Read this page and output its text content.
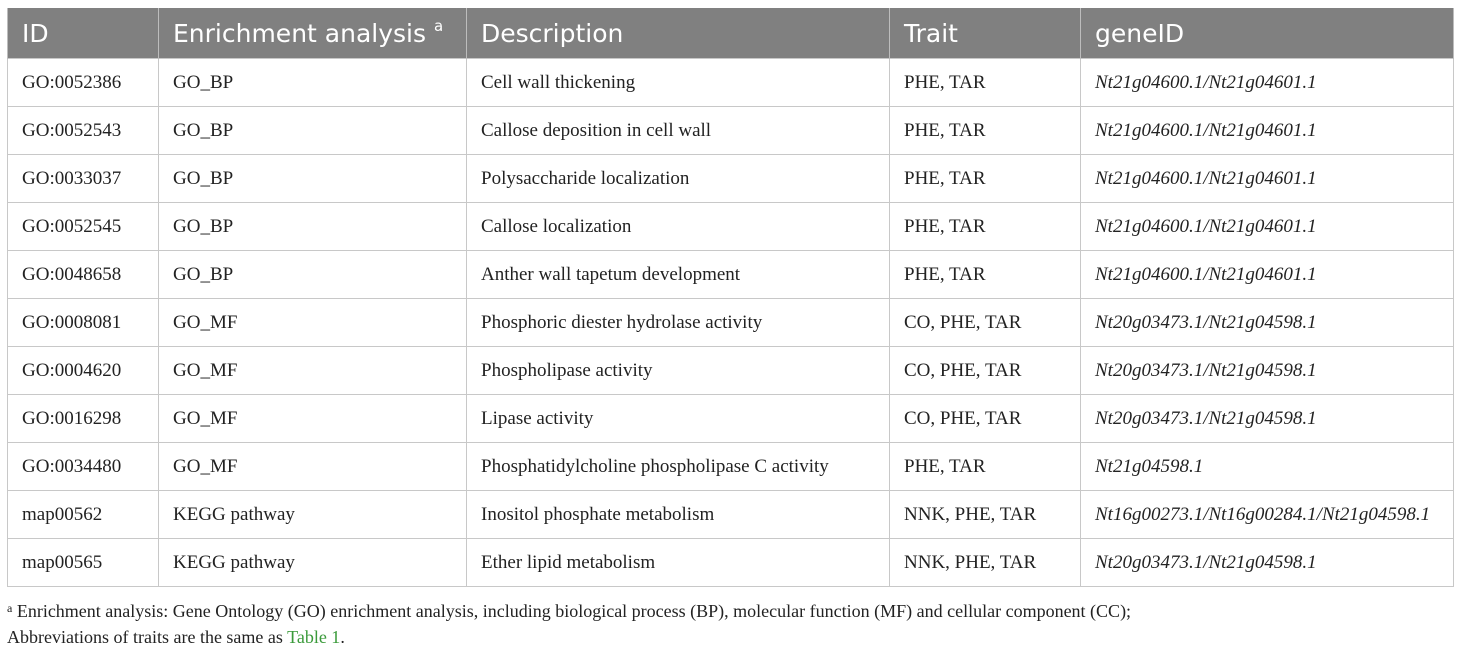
ID	Enrichment analysis $^a$	Description	Trait	geneID
GO:0052386	GO_BP	Cell wall thickening	PHE, TAR	Nt21g04600.1/Nt21g04601.1
GO:0052543	GO_BP	Callose deposition in cell wall	PHE, TAR	Nt21g04600.1/Nt21g04601.1
GO:0033037	GO_BP	Polysaccharide localization	PHE, TAR	Nt21g04600.1/Nt21g04601.1
GO:0052545	GO_BP	Callose localization	PHE, TAR	Nt21g04600.1/Nt21g04601.1
GO:0048658	GO_BP	Anther wall tapetum development	PHE, TAR	Nt21g04600.1/Nt21g04601.1
GO:0008081	GO_MF	Phosphoric diester hydrolase activity	CO, PHE, TAR	Nt20g03473.1/Nt21g04598.1
GO:0004620	GO_MF	Phospholipase activity	CO, PHE, TAR	Nt20g03473.1/Nt21g04598.1
GO:0016298	GO_MF	Lipase activity	CO, PHE, TAR	Nt20g03473.1/Nt21g04598.1
GO:0034480	GO_MF	Phosphatidylcholine phospholipase C activity	PHE, TAR	Nt21g04598.1
map00562	KEGG pathway	Inositol phosphate metabolism	NNK, PHE, TAR	Nt16g00273.1/Nt16g00284.1/Nt21g04598.1
map00565	KEGG pathway	Ether lipid metabolism	NNK, PHE, TAR	Nt20g03473.1/Nt21g04598.1
$^a$ Enrichment analysis: Gene Ontology (GO) enrichment analysis, including biological process (BP), molecular function (MF) and cellular component (CC);
Abbreviations of traits are the same as Table 1.
